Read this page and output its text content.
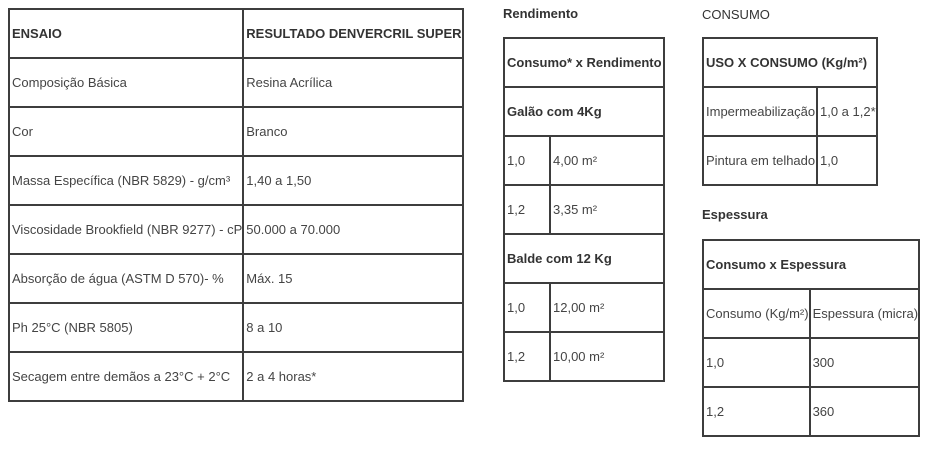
ENSAIO	RESULTADO DENVERCRIL SUPER
Composição Básica	Resina Acrílica
Cor	Branco
Massa Específica (NBR 5829) - g/cm³	1,40 a 1,50
Viscosidade Brookfield (NBR 9277) - cP	50.000 a 70.000
Absorção de água (ASTM D 570)- %	Máx. 15
Ph 25°C (NBR 5805)	8 a 10
Secagem entre demãos a 23°C + 2°C	2 a 4 horas*
Rendimento
Consumo* x Rendimento	
Galão com 4Kg	
1,0	4,00 m²
1,2	3,35 m²
Balde com 12 Kg	
1,0	12,00 m²
1,2	10,00 m²
CONSUMO
USO X CONSUMO (Kg/m²)	
Impermeabilização	1,0 a 1,2*
Pintura em telhado	1,0
Espessura
Consumo x Espessura	
Consumo (Kg/m²)	Espessura (micra)
1,0	300
1,2	360
